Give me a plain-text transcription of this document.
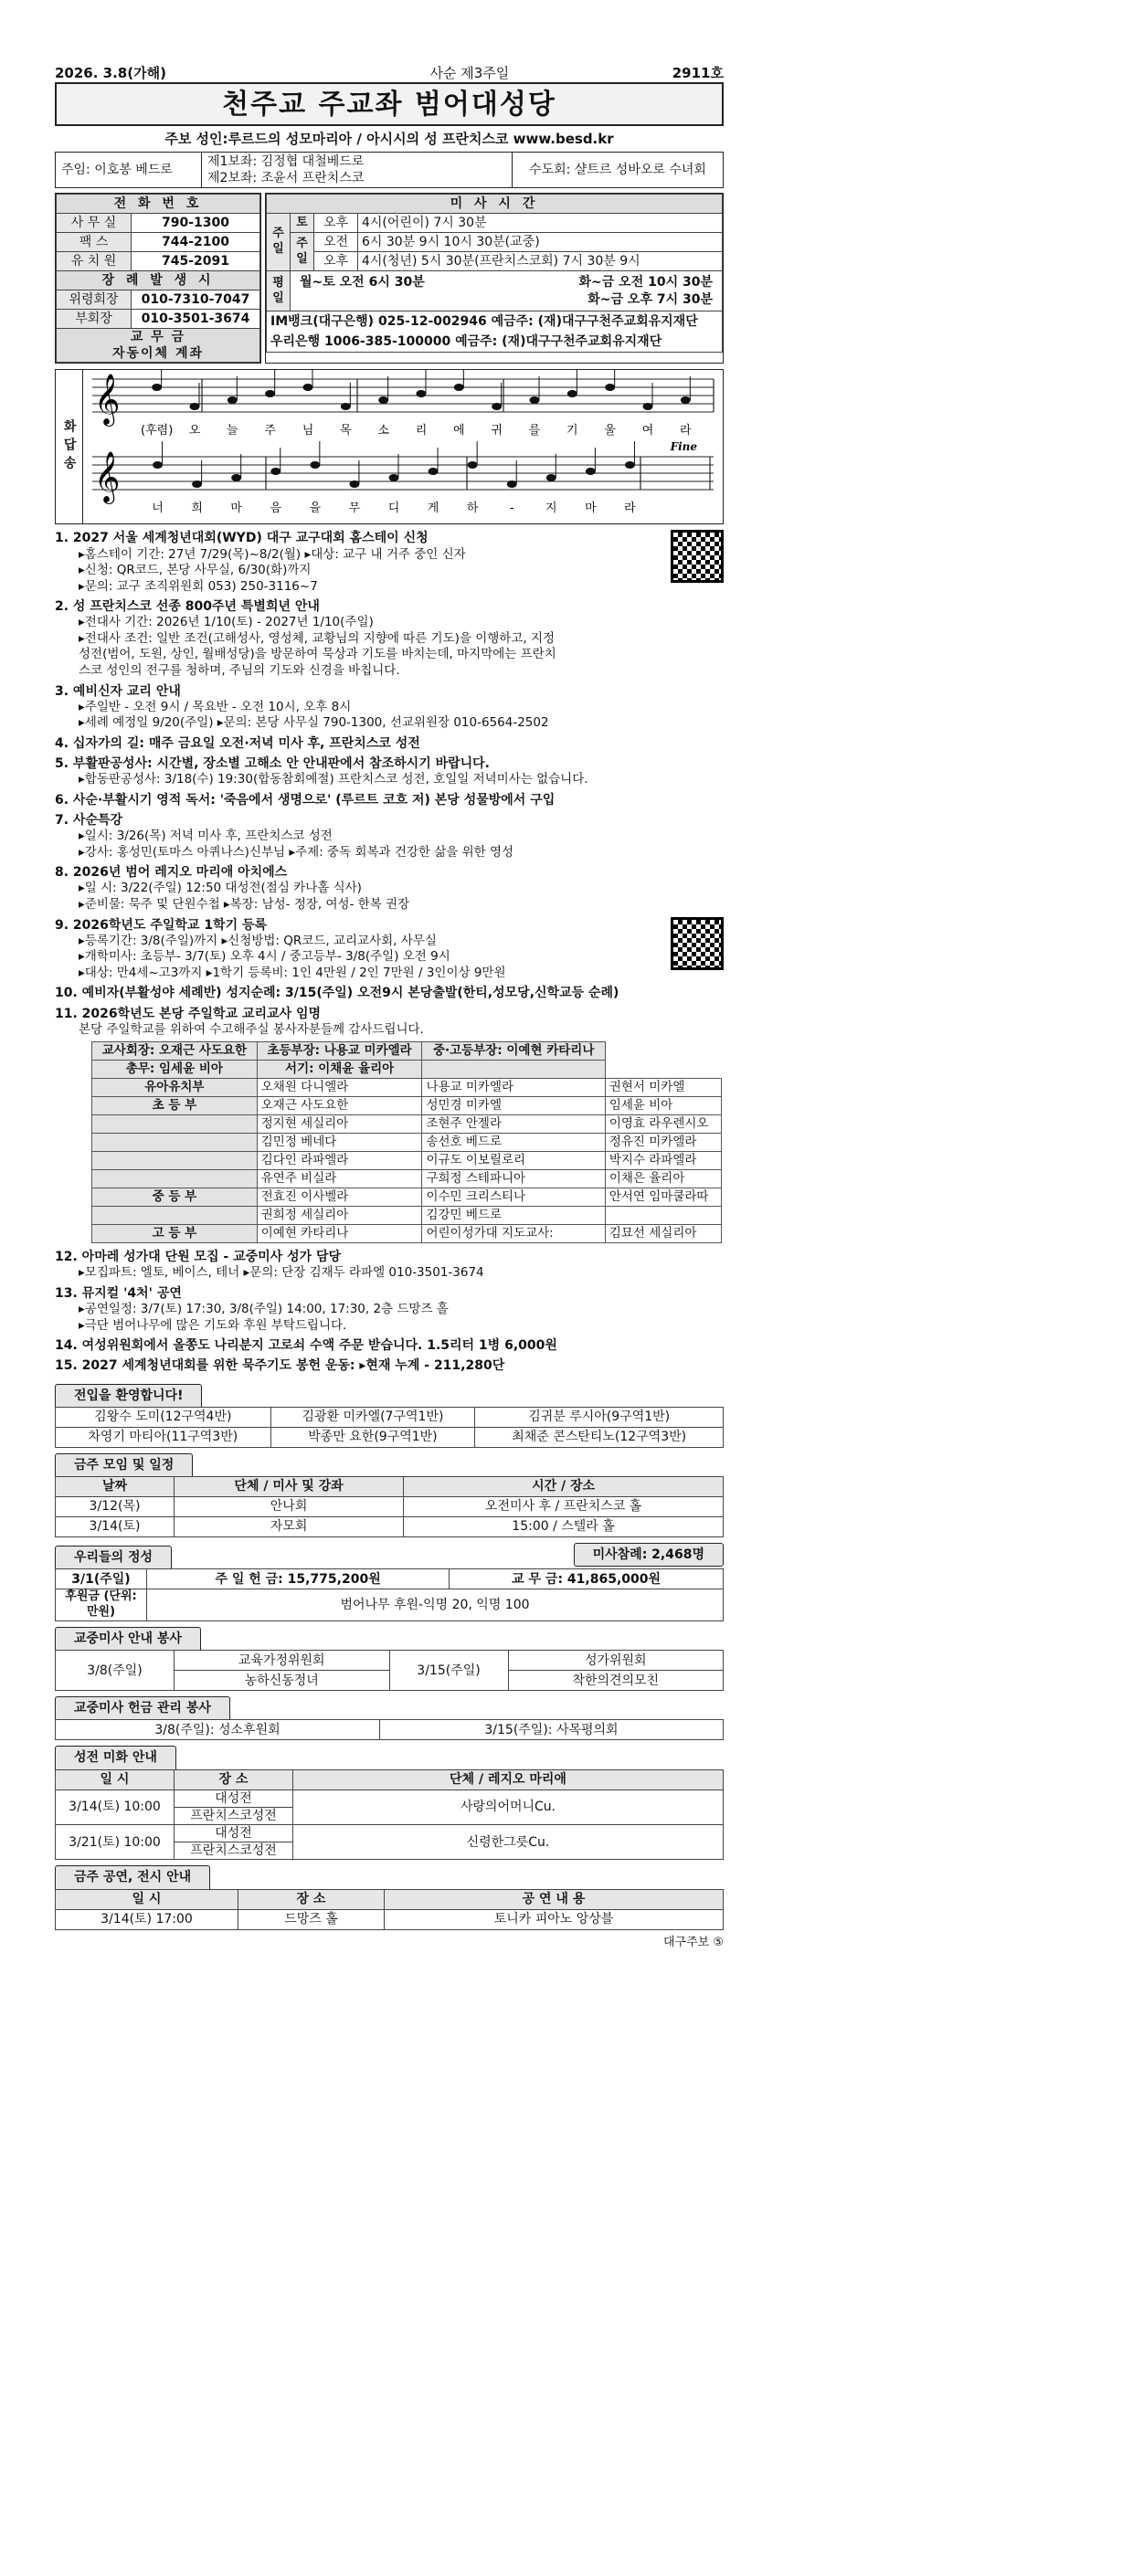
2026. 3.8(가해)	사순 제3주일	2911호
천주교 주교좌 범어대성당
주보 성인:루르드의 성모마리아 / 아시시의 성 프란치스코 www.besd.kr
주임: 이호봉 베드로
제1보좌: 김정협 대철베드로
제2보좌: 조윤서 프란치스코
수도회: 샬트르 성바오로 수녀회
전 화 번 호	
사 무 실	790-1300
팩 스	744-2100
유 치 원	745-2091
장 례 발 생 시	
위령회장	010-7310-7047
부회장	010-3501-3674
교 무 금
자동이체 계좌	
미 사 시 간			
주 일	토	오후	4시(어린이) 7시 30분
	주일	오전	6시 30분 9시 10시 30분(교중)
		오후	4시(청년) 5시 30분(프란치스코회) 7시 30분 9시
평 일	월~토 오전 6시 30분 화~금 오전 10시 30분
화~금 오후 7시 30분		

IM뱅크(대구은행) 025-12-002946 예금주: (재)대구구천주교회유지재단
우리은행 1006-385-100000 예금주: (재)대구구천주교회유지재단			
화답송
𝄞
(후렴) 오 늘 주 님 목 소 리 에 귀 를 기 울 여 라
𝄞
너 희 마 음 을 무 디 게 하	-	지 마 라
Fine
1. 2027 서울 세계청년대회(WYD) 대구 교구대회 홈스테이 신청
▸홈스테이 기간: 27년 7/29(목)~8/2(월) ▸대상: 교구 내 거주 중인 신자
▸신청: QR코드, 본당 사무실, 6/30(화)까지
▸문의: 교구 조직위원회 053) 250-3116~7
2. 성 프란치스코 선종 800주년 특별희년 안내
▸전대사 기간: 2026년 1/10(토) - 2027년 1/10(주일)
▸전대사 조건: 일반 조건(고해성사, 영성체, 교황님의 지향에 따른 기도)을 이행하고, 지정
성전(범어, 도원, 상인, 월배성당)을 방문하여 묵상과 기도를 바치는데, 마지막에는 프란치
스코 성인의 전구를 청하며, 주님의 기도와 신경을 바칩니다.
3. 예비신자 교리 안내
▸주일반 - 오전 9시 / 목요반 - 오전 10시, 오후 8시
▸세례 예정일 9/20(주일) ▸문의: 본당 사무실 790-1300, 선교위원장 010-6564-2502
4. 십자가의 길: 매주 금요일 오전·저녁 미사 후, 프란치스코 성전
5. 부활판공성사: 시간별, 장소별 고해소 안 안내판에서 참조하시기 바랍니다.
▸합동판공성사: 3/18(수) 19:30(합동참회예절) 프란치스코 성전, 호일일 저녁미사는 없습니다.
6. 사순·부활시기 영적 독서: '죽음에서 생명으로' (루르트 코흐 저) 본당 성물방에서 구입
7. 사순특강
▸일시: 3/26(목) 저녁 미사 후, 프란치스코 성전
▸강사: 홍성민(토마스 아퀴나스)신부님 ▸주제: 중독 회복과 건강한 삶을 위한 영성
8. 2026년 범어 레지오 마리애 아치에스
▸일 시: 3/22(주일) 12:50 대성전(점심 카나홀 식사)
▸준비물: 묵주 및 단원수첩 ▸복장: 남성- 정장, 여성- 한복 권장
9. 2026학년도 주일학교 1학기 등록
▸등록기간: 3/8(주일)까지 ▸신청방법: QR코드, 교리교사회, 사무실
▸개학미사: 초등부- 3/7(토) 오후 4시 / 중고등부- 3/8(주일) 오전 9시
▸대상: 만4세~고3까지 ▸1학기 등록비: 1인 4만원 / 2인 7만원 / 3인이상 9만원
10. 예비자(부활성야 세례반) 성지순례: 3/15(주일) 오전9시 본당출발(한티,성모당,신학교등 순례)
11. 2026학년도 본당 주일학교 교리교사 임명
본당 주일학교를 위하여 수고해주실 봉사자분들께 감사드립니다.
교사회장: 오재근 사도요한	초등부장: 나용교 미카엘라	중·고등부장: 이예현 카타리나	
총무: 임세윤 비아	서기: 이채윤 율리아		
유아유치부	오채원 다니엘라	나용교 미카엘라	권현서 미카엘
초 등 부	오재근 사도요한	성민경 미카엘	임세윤 비아
	정지현 세실리아	조현주 안젤라	이영효 라우렌시오
	김민정 베네다	송선호 베드로	정유진 미카엘라
	김다인 라파엘라	이규도 이보릴로리	박지수 라파엘라
	유연주 비실라	구희정 스테파니아	이채은 율리아
중 등 부	전효진 이사벨라	이수민 크리스티나	안서연 임마쿨라따
	권희정 세실리아	김강민 베드로	
고 등 부	이예현 카타리나	어린이성가대 지도교사:	김묘선 세실리아
12. 아마레 성가대 단원 모집 - 교중미사 성가 담당
▸모집파트: 엘토, 베이스, 테너 ▸문의: 단장 김재두 라파엘 010-3501-3674
13. 뮤지컬 '4처' 공연
▸공연일정: 3/7(토) 17:30, 3/8(주일) 14:00, 17:30, 2층 드망즈 홀
▸극단 범어나무에 많은 기도와 후원 부탁드립니다.
14. 여성위원회에서 올쫑도 나리분지 고로쇠 수액 주문 받습니다. 1.5리터 1병 6,000원
15. 2027 세계청년대회를 위한 묵주기도 봉헌 운동: ▸현재 누계 - 211,280단
전입을 환영합니다!
김왕수 도미(12구역4반)	김광환 미카엘(7구역1반)	김귀분 루시아(9구역1반)
차영기 마티아(11구역3반)	박종만 요한(9구역1반)	최채준 콘스탄티노(12구역3반)
금주 모임 및 일정
날짜	단체 / 미사 및 강좌	시간 / 장소
3/12(목)	안나회	오전미사 후 / 프란치스코 홀
3/14(토)	자모회	15:00 / 스텔라 홀
우리들의 정성	미사참례: 2,468명
3/1(주일)	주 일 헌 금: 15,775,200원	교 무 금: 41,865,000원
후원금 (단위:만원)	범어나무 후원-익명 20, 익명 100	
교중미사 안내 봉사
3/8(주일)	교육가정위원회	3/15(주일)	성가위원회
	농하신동정녀		착한의견의모친
교중미사 헌금 관리 봉사
3/8(주일): 성소후원회	3/15(주일): 사목평의회
성전 미화 안내
일 시	장 소	단체 / 레지오 마리애
3/14(토) 10:00	대성전	사랑의어머니Cu.
	프란치스코성전	
3/21(토) 10:00	대성전	신령한그릇Cu.
	프란치스코성전	
금주 공연, 전시 안내
일 시	장 소	공 연 내 용
3/14(토) 17:00	드망즈 홀	토니카 피아노 앙상블
대구주보 ⑤
